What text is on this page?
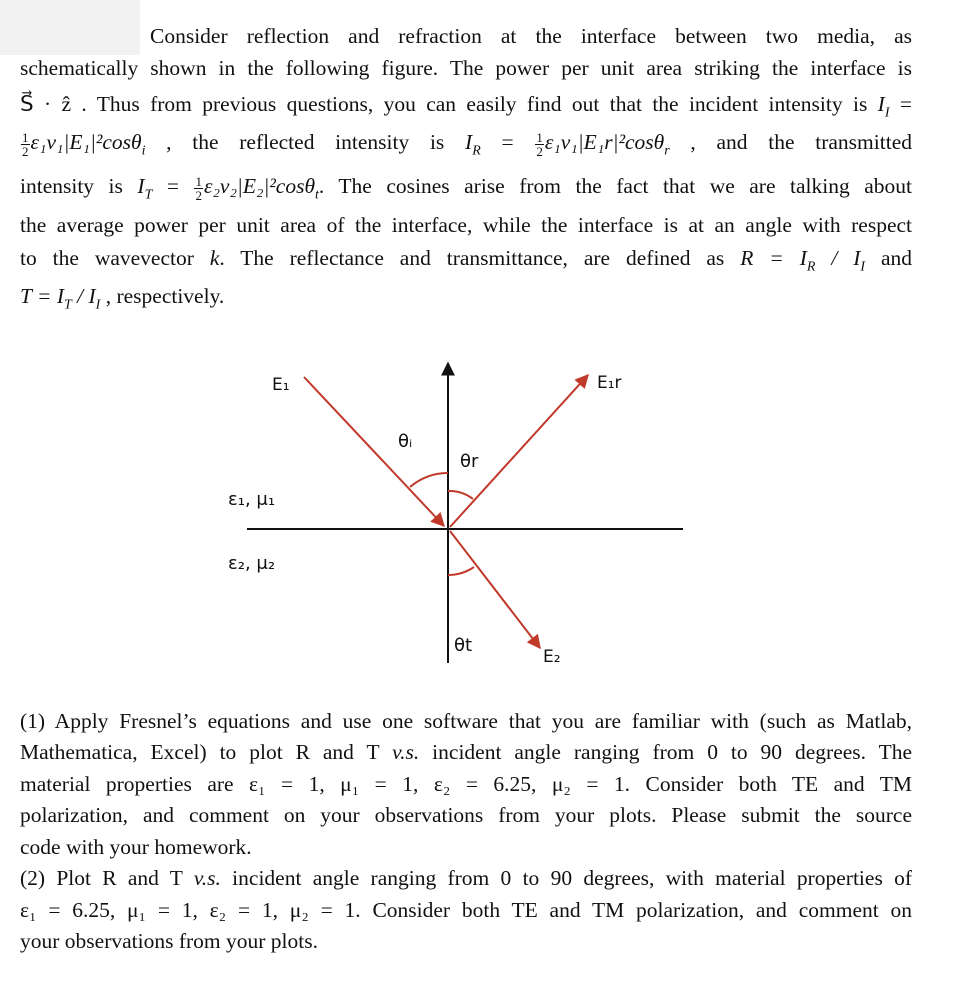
Consider reflection and refraction at the interface between two media, as
schematically shown in the following figure. The power per unit area striking the interface is
S⃗ · ẑ . Thus from previous questions, you can easily find out that the incident intensity is $I_I$ =
$\frac{1}{2} \varepsilon_1v_1|E_1|^2\cos\theta_i$ , the reflected intensity is $I_R = \frac{1}{2} \varepsilon_1v_1|E_1r|^2\cos\theta_r$ , and the transmitted
intensity is $I_T = \frac{1}{2} \varepsilon_2v_2|E_2|^2\cos\theta_t$. The cosines arise from the fact that we are talking about
the average power per unit area of the interface, while the interface is at an angle with respect
to the wavevector k. The reflectance and transmittance, are defined as $R = I_R / I_I$ and
$T = I_T / I_I$ , respectively.
E₁	E₁r
E₂
θᵢ
θr
θt
ε₁, μ₁
ε₂, μ₂
(1) Apply Fresnel’s equations and use one software that you are familiar with (such as Matlab,
Mathematica, Excel) to plot R and T v.s. incident angle ranging from 0 to 90 degrees. The
material properties are ε₁ = 1, μ₁ = 1, ε₂ = 6.25, μ₂ = 1. Consider both TE and TM
polarization, and comment on your observations from your plots. Please submit the source
code with your homework.
(2) Plot R and T v.s. incident angle ranging from 0 to 90 degrees, with material properties of
ε₁ = 6.25, μ₁ = 1, ε₂ = 1, μ₂ = 1. Consider both TE and TM polarization, and comment on
your observations from your plots.
